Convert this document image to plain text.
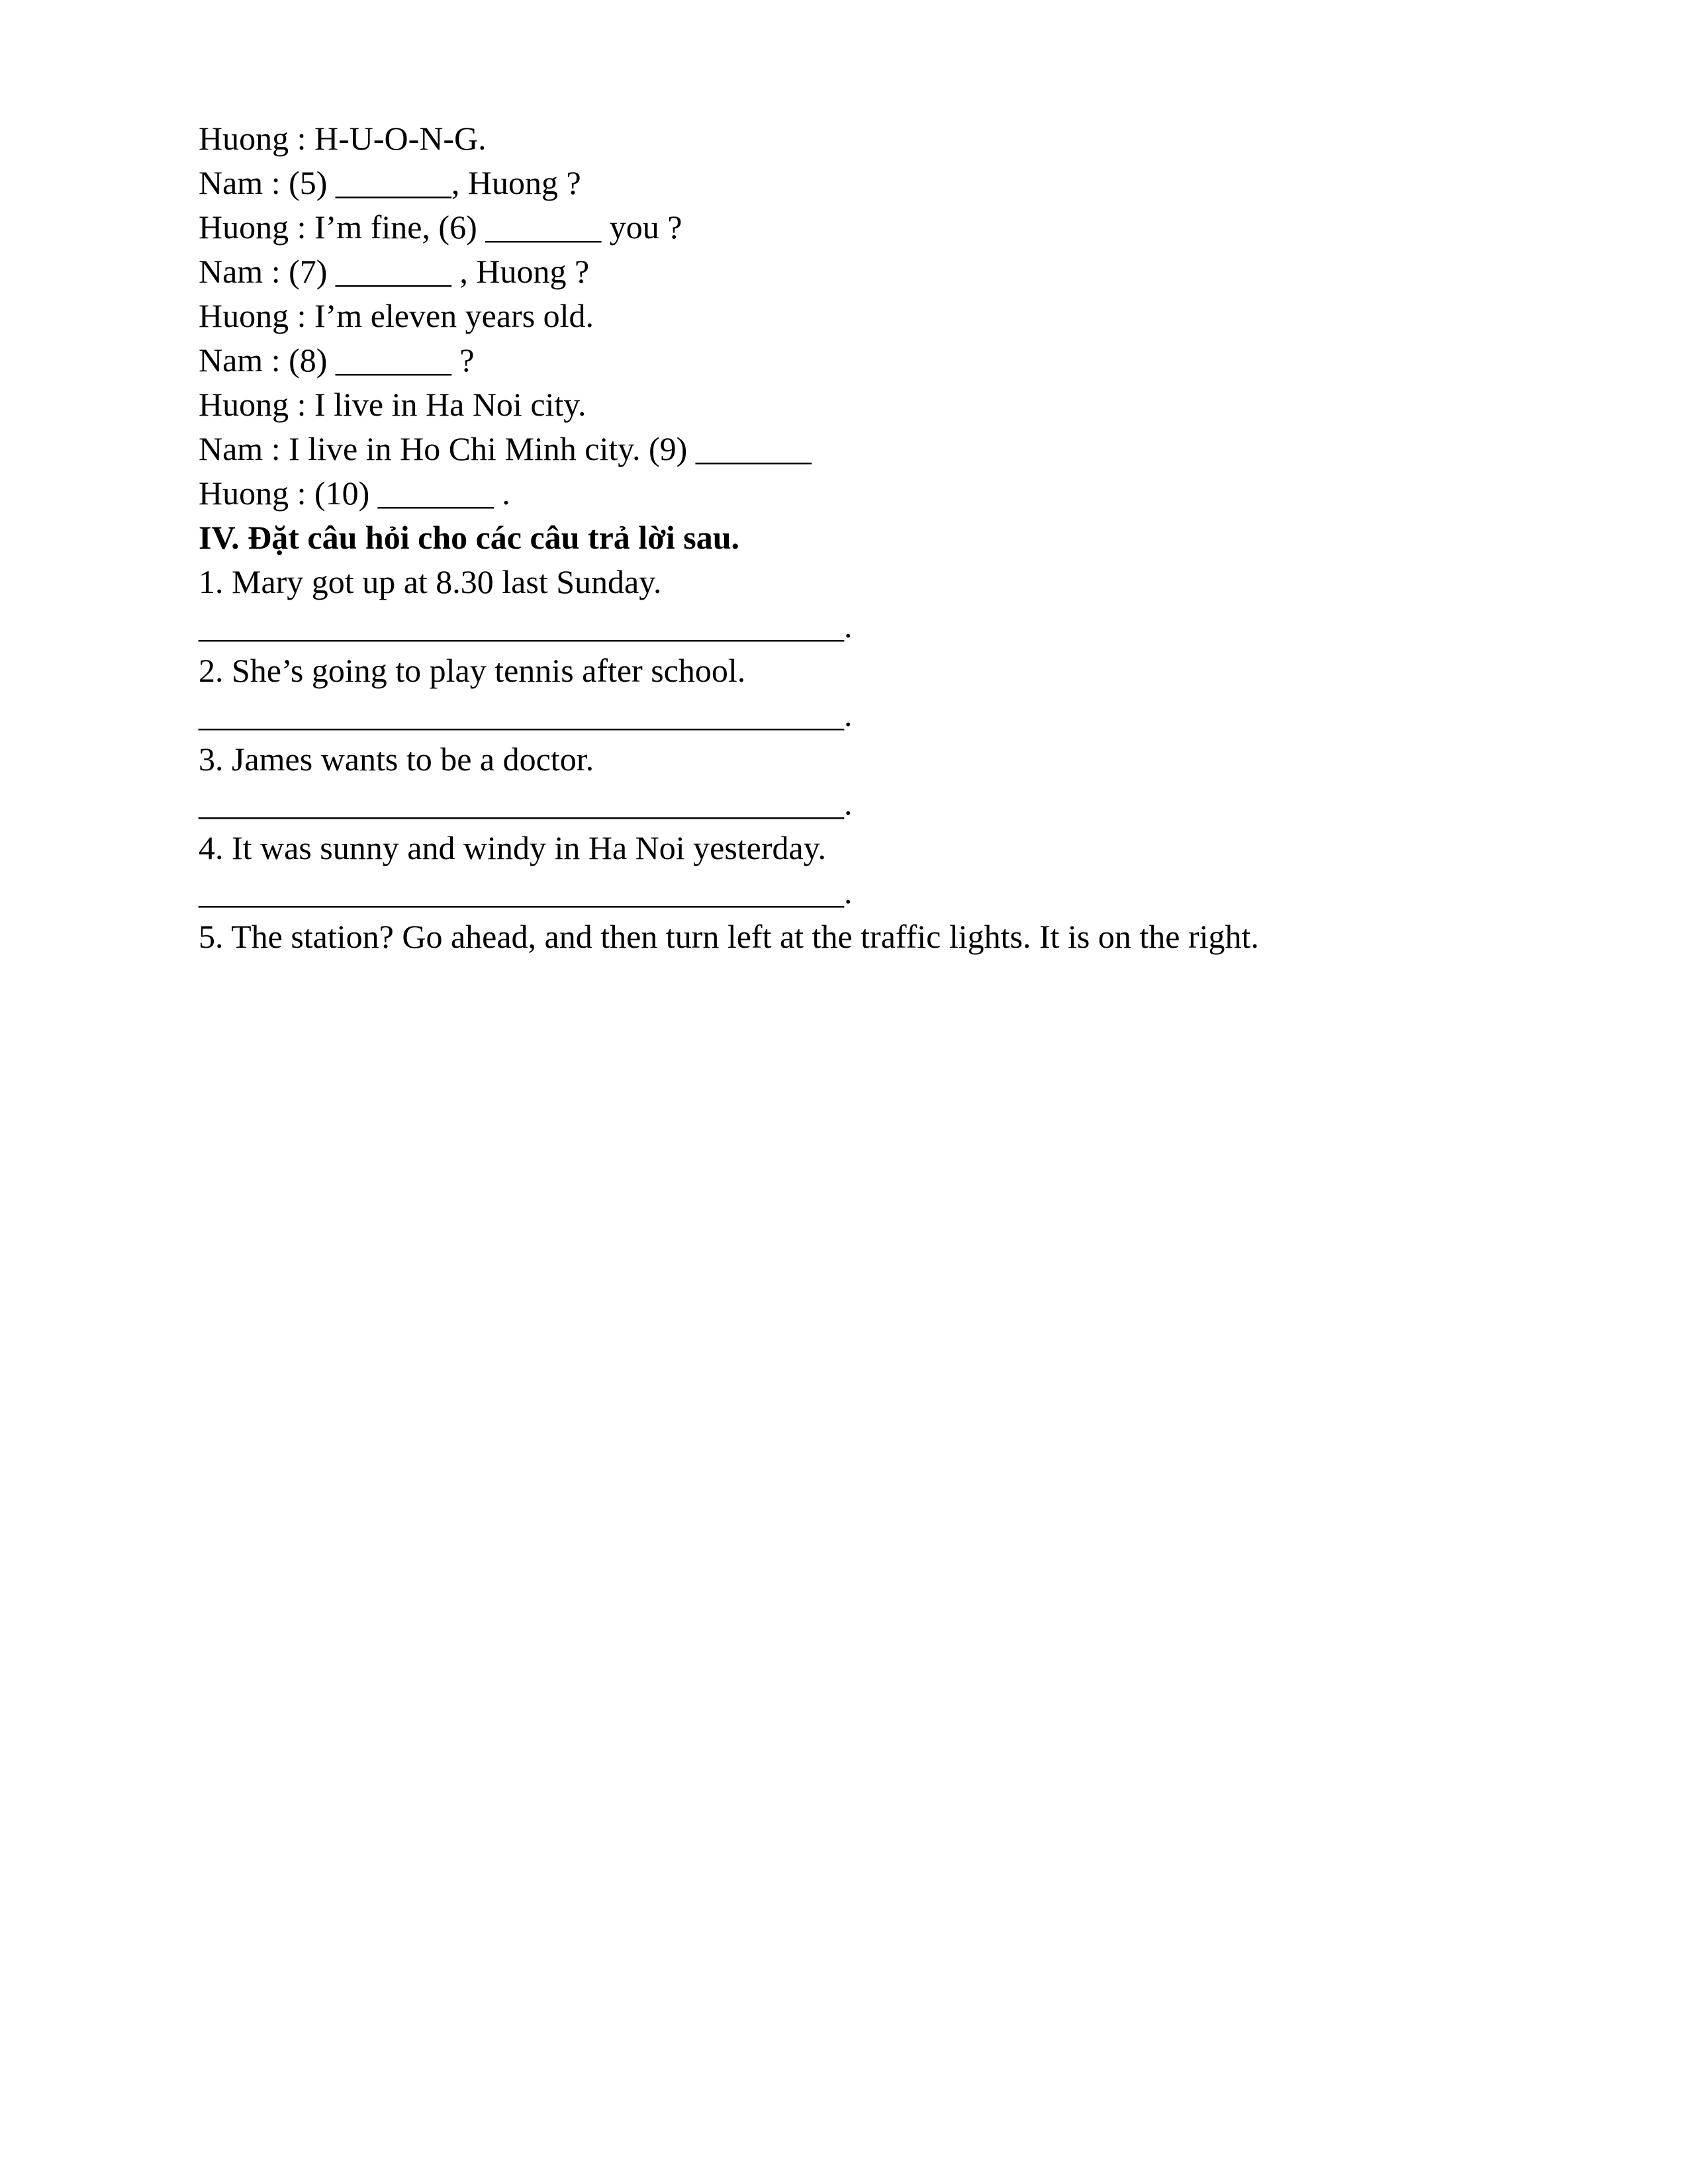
Huong : H-U-O-N-G.
Nam : (5) _______, Huong ?
Huong : I’m fine, (6) _______ you ?
Nam : (7) _______ , Huong ?
Huong : I’m eleven years old.
Nam : (8) _______ ?
Huong : I live in Ha Noi city.
Nam : I live in Ho Chi Minh city. (9) _______
Huong : (10) _______ .
IV. Đặt câu hỏi cho các câu trả lời sau.
1. Mary got up at 8.30 last Sunday.
_______________________________________.
2. She’s going to play tennis after school.
_______________________________________.
3. James wants to be a doctor.
_______________________________________.
4. It was sunny and windy in Ha Noi yesterday.
_______________________________________.
5. The station? Go ahead, and then turn left at the traffic lights. It is on the right.
